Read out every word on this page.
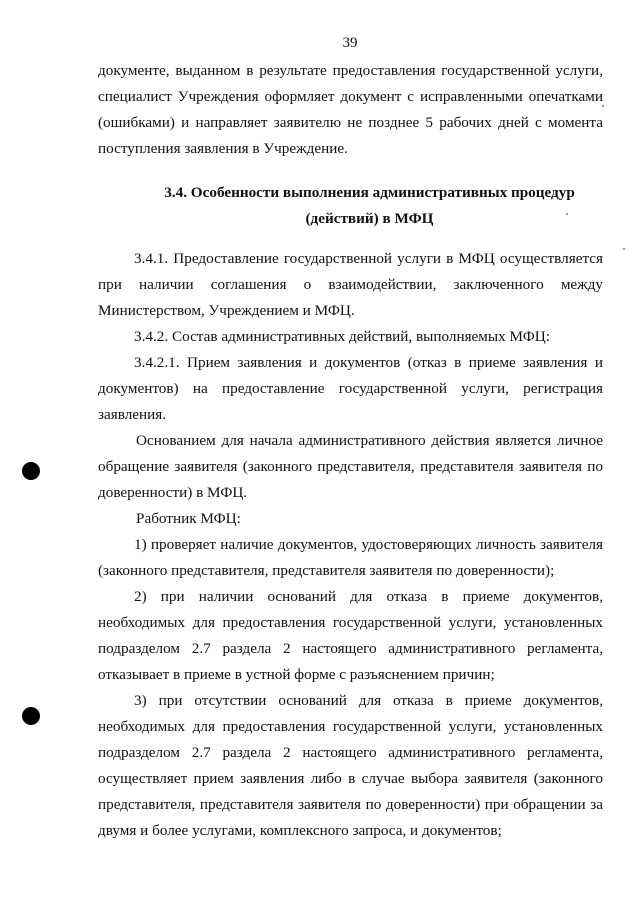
39

документе, выданном в результате предоставления государственной услуги, специалист Учреждения оформляет документ с исправленными опечатками (ошибками) и направляет заявителю не позднее 5 рабочих дней с момента поступления заявления в Учреждение.

3.4. Особенности выполнения административных процедур
(действий) в МФЦ

3.4.1. Предоставление государственной услуги в МФЦ осуществляется при наличии соглашения о взаимодействии, заключенного между Министерством, Учреждением и МФЦ.

3.4.2. Состав административных действий, выполняемых МФЦ:

3.4.2.1. Прием заявления и документов (отказ в приеме заявления и документов) на предоставление государственной услуги, регистрация заявления.

Основанием для начала административного действия является личное обращение заявителя (законного представителя, представителя заявителя по доверенности) в МФЦ.

Работник МФЦ:

1) проверяет наличие документов, удостоверяющих личность заявителя (законного представителя, представителя заявителя по доверенности);

2) при наличии оснований для отказа в приеме документов, необходимых для предоставления государственной услуги, установленных подразделом 2.7 раздела 2 настоящего административного регламента, отказывает в приеме в устной форме с разъяснением причин;

3) при отсутствии оснований для отказа в приеме документов, необходимых для предоставления государственной услуги, установленных подразделом 2.7 раздела 2 настоящего административного регламента, осуществляет прием заявления либо в случае выбора заявителя (законного представителя, представителя заявителя по доверенности) при обращении за двумя и более услугами, комплексного запроса, и документов;
